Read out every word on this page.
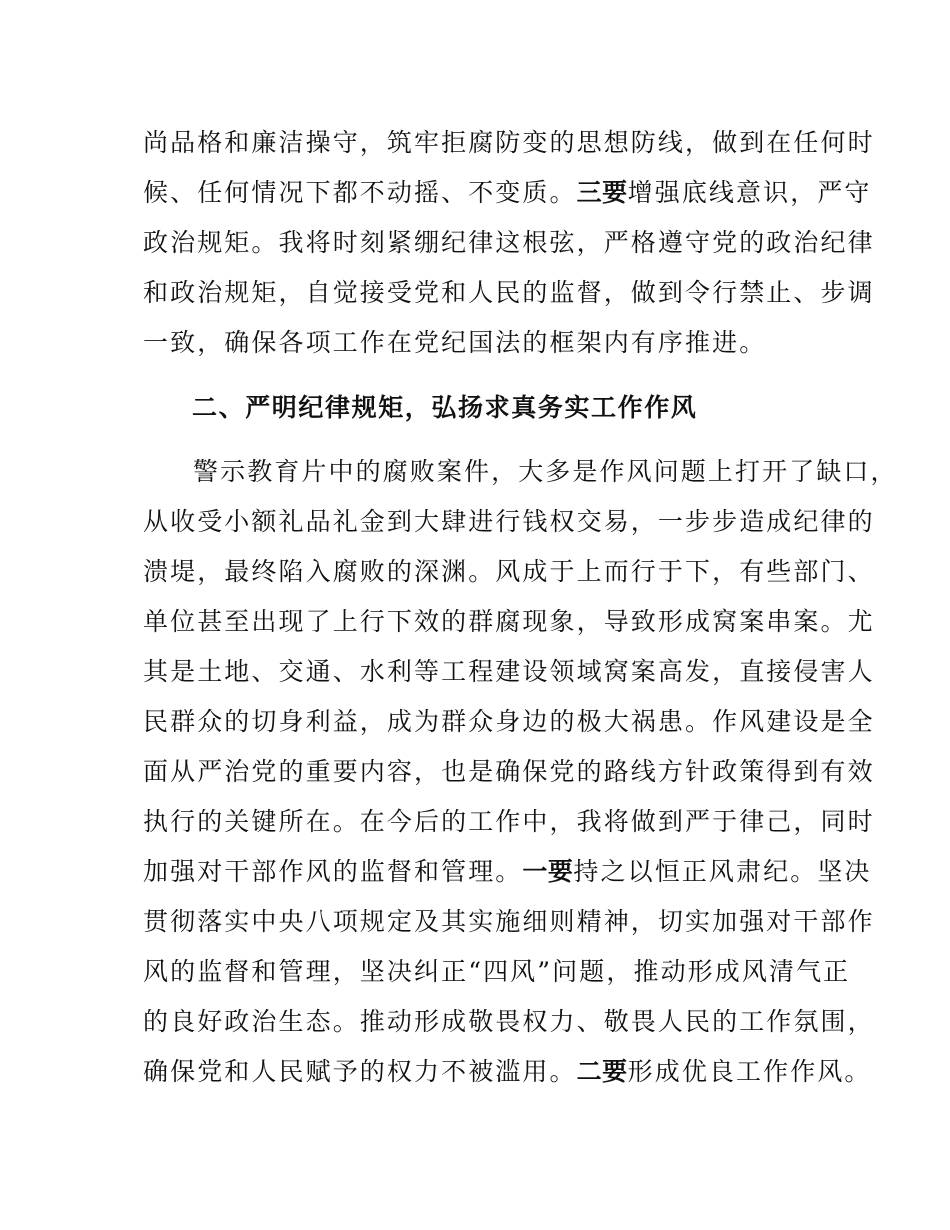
尚品格和廉洁操守，筑牢拒腐防变的思想防线，做到在任何时

候、任何情况下都不动摇、不变质。三要增强底线意识，严守

政治规矩。我将时刻紧绷纪律这根弦，严格遵守党的政治纪律

和政治规矩，自觉接受党和人民的监督，做到令行禁止、步调

一致，确保各项工作在党纪国法的框架内有序推进。

二、严明纪律规矩，弘扬求真务实工作作风

警示教育片中的腐败案件，大多是作风问题上打开了缺口，

从收受小额礼品礼金到大肆进行钱权交易，一步步造成纪律的

溃堤，最终陷入腐败的深渊。风成于上而行于下，有些部门、

单位甚至出现了上行下效的群腐现象，导致形成窝案串案。尤

其是土地、交通、水利等工程建设领域窝案高发，直接侵害人

民群众的切身利益，成为群众身边的极大祸患。作风建设是全

面从严治党的重要内容，也是确保党的路线方针政策得到有效

执行的关键所在。在今后的工作中，我将做到严于律己，同时

加强对干部作风的监督和管理。一要持之以恒正风肃纪。坚决

贯彻落实中央八项规定及其实施细则精神，切实加强对干部作

风的监督和管理，坚决纠正“四风”问题，推动形成风清气正

的良好政治生态。推动形成敬畏权力、敬畏人民的工作氛围，

确保党和人民赋予的权力不被滥用。二要形成优良工作作风。
